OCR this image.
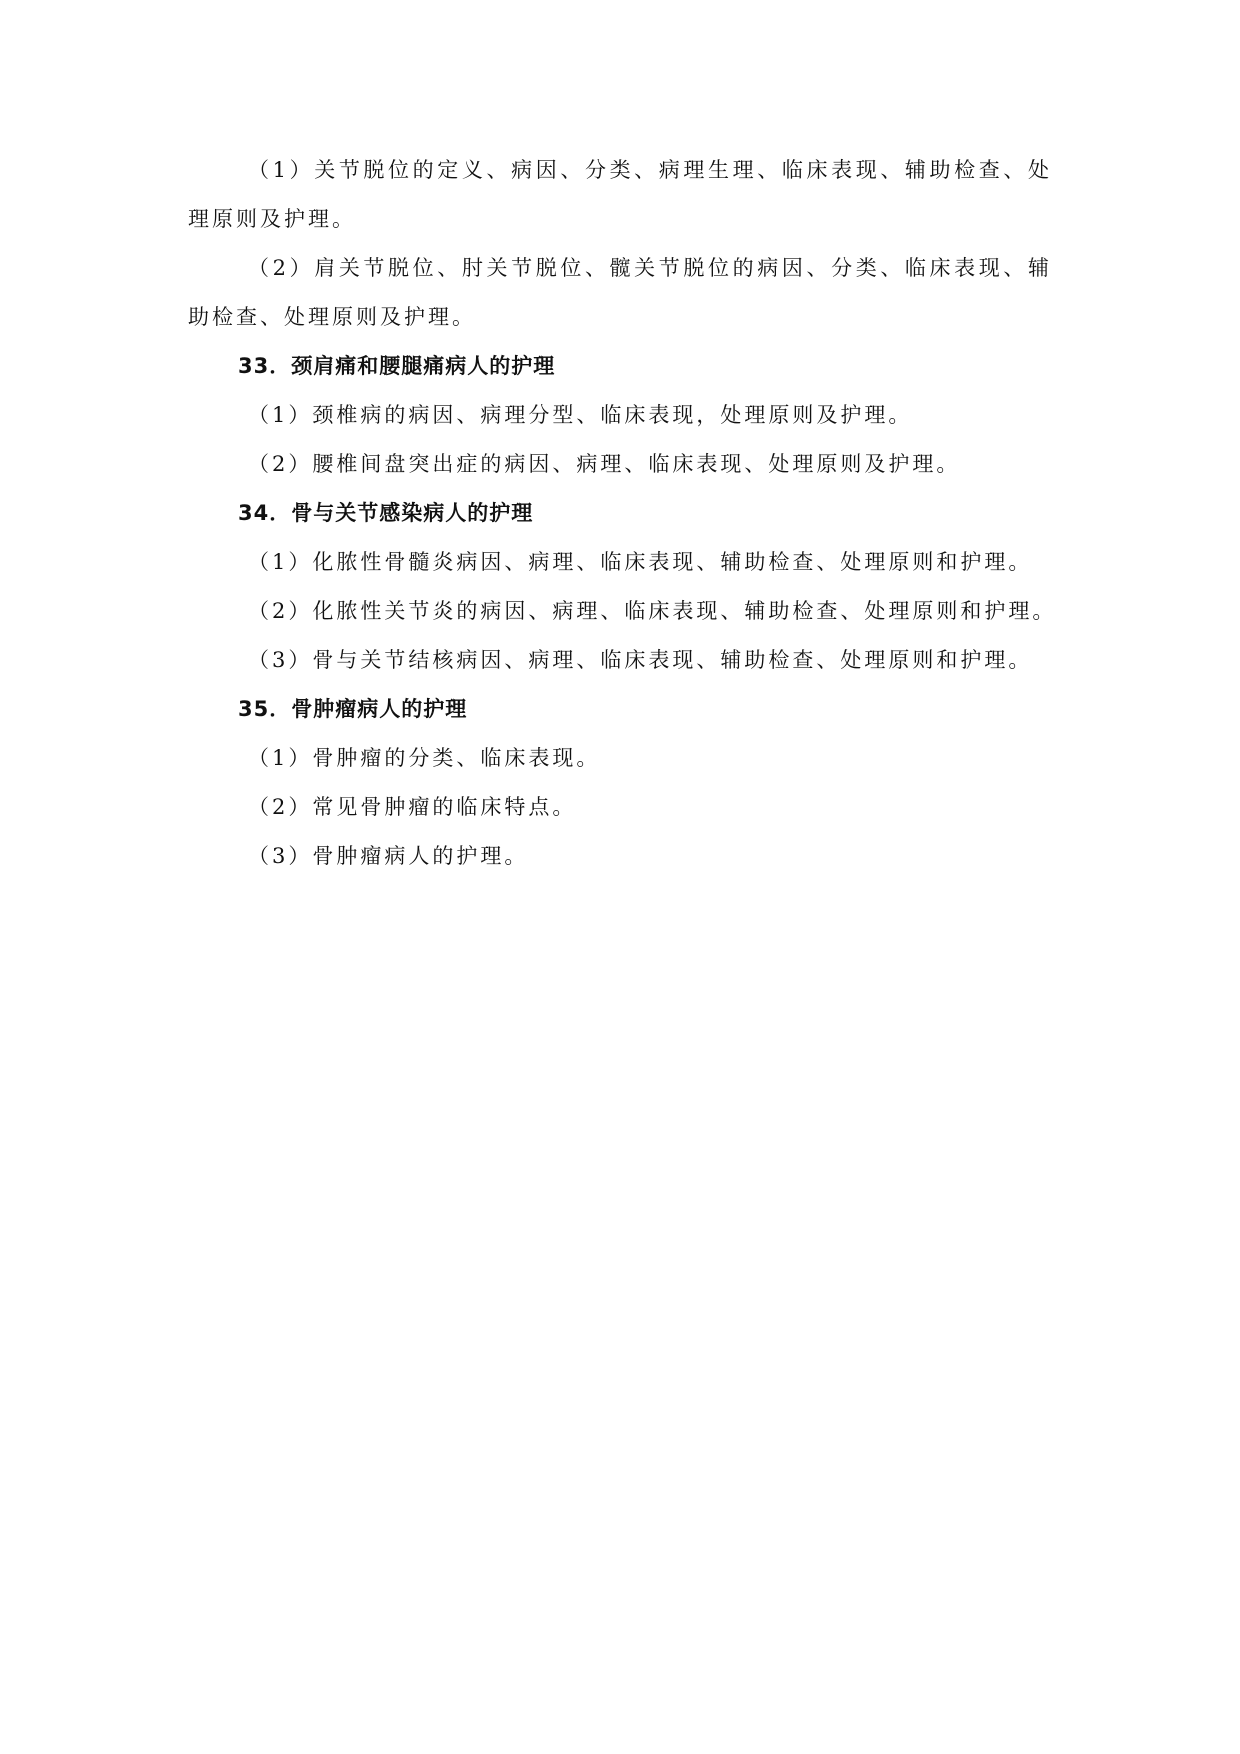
（1）关节脱位的定义、病因、分类、病理生理、临床表现、辅助检查、处
理原则及护理。
（2）肩关节脱位、肘关节脱位、髋关节脱位的病因、分类、临床表现、辅
助检查、处理原则及护理。
33．颈肩痛和腰腿痛病人的护理
（1）颈椎病的病因、病理分型、临床表现，处理原则及护理。
（2）腰椎间盘突出症的病因、病理、临床表现、处理原则及护理。
34．骨与关节感染病人的护理
（1）化脓性骨髓炎病因、病理、临床表现、辅助检查、处理原则和护理。
（2）化脓性关节炎的病因、病理、临床表现、辅助检查、处理原则和护理。
（3）骨与关节结核病因、病理、临床表现、辅助检查、处理原则和护理。
35．骨肿瘤病人的护理
（1）骨肿瘤的分类、临床表现。
（2）常见骨肿瘤的临床特点。
（3）骨肿瘤病人的护理。
